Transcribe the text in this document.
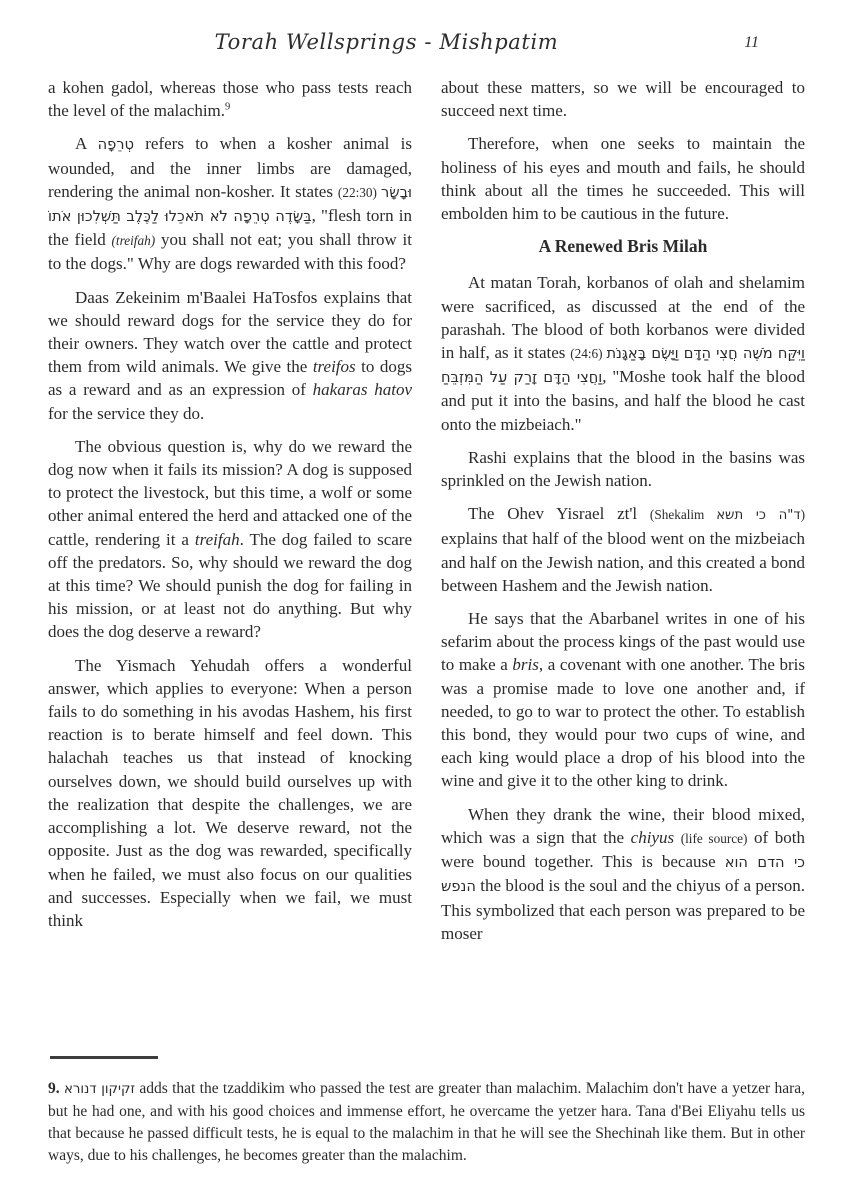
Torah Wellsprings - Mishpatim	11

a kohen gadol, whereas those who pass tests reach the level of the malachim.$^9$

A טְרֵפָה refers to when a kosher animal is wounded, and the inner limbs are damaged, rendering the animal non-kosher. It states (22:30) וּבָשָׂר בַּשָּׂדֶה טְרֵפָה לֹא תֹאכֵלוּ לַכֶּלֶב תַּשְׁלִכוּן אֹתוֹ, "flesh torn in the field (treifah) you shall not eat; you shall throw it to the dogs." Why are dogs rewarded with this food?

Daas Zekeinim m'Baalei HaTosfos explains that we should reward dogs for the service they do for their owners. They watch over the cattle and protect them from wild animals. We give the treifos to dogs as a reward and as an expression of hakaras hatov for the service they do.

The obvious question is, why do we reward the dog now when it fails its mission? A dog is supposed to protect the livestock, but this time, a wolf or some other animal entered the herd and attacked one of the cattle, rendering it a treifah. The dog failed to scare off the predators. So, why should we reward the dog at this time? We should punish the dog for failing in his mission, or at least not do anything. But why does the dog deserve a reward?

The Yismach Yehudah offers a wonderful answer, which applies to everyone: When a person fails to do something in his avodas Hashem, his first reaction is to berate himself and feel down. This halachah teaches us that instead of knocking ourselves down, we should build ourselves up with the realization that despite the challenges, we are accomplishing a lot. We deserve reward, not the opposite. Just as the dog was rewarded, specifically when he failed, we must also focus on our qualities and successes. Especially when we fail, we must think

about these matters, so we will be encouraged to succeed next time.

Therefore, when one seeks to maintain the holiness of his eyes and mouth and fails, he should think about all the times he succeeded. This will embolden him to be cautious in the future.

A Renewed Bris Milah

At matan Torah, korbanos of olah and shelamim were sacrificed, as discussed at the end of the parashah. The blood of both korbanos were divided in half, as it states (24:6) וַיִּקַּח מֹשֶׁה חֲצִי הַדָּם וַיָּשֶׂם בָּאַגָּנֹת וַחֲצִי הַדָּם זָרַק עַל הַמִּזְבֵּחַ, "Moshe took half the blood and put it into the basins, and half the blood he cast onto the mizbeiach."

Rashi explains that the blood in the basins was sprinkled on the Jewish nation.

The Ohev Yisrael zt'l (Shekalim ד"ה כי תשא) explains that half of the blood went on the mizbeiach and half on the Jewish nation, and this created a bond between Hashem and the Jewish nation.

He says that the Abarbanel writes in one of his sefarim about the process kings of the past would use to make a bris, a covenant with one another. The bris was a promise made to love one another and, if needed, to go to war to protect the other. To establish this bond, they would pour two cups of wine, and each king would place a drop of his blood into the wine and give it to the other king to drink.

When they drank the wine, their blood mixed, which was a sign that the chiyus (life source) of both were bound together. This is because כי הדם הוא הנפש the blood is the soul and the chiyus of a person. This symbolized that each person was prepared to be moser

9. זקיקון דנורא adds that the tzaddikim who passed the test are greater than malachim. Malachim don't have a yetzer hara, but he had one, and with his good choices and immense effort, he overcame the yetzer hara. Tana d'Bei Eliyahu tells us that because he passed difficult tests, he is equal to the malachim in that he will see the Shechinah like them. But in other ways, due to his challenges, he becomes greater than the malachim.
